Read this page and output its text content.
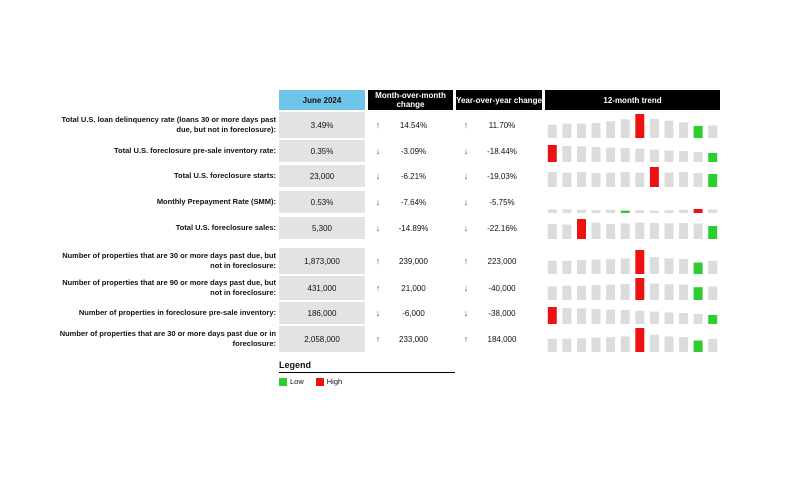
June 2024	Month-over-month change	Year-over-year change	12-month trend
Total U.S. loan delinquency rate (loans 30 or more days past due, but not in foreclosure):	3.49%	↑	14.54%	↑	11.70%
Total U.S. foreclosure pre-sale inventory rate:	0.35%	↓	-3.09%	↓	-18.44%
Total U.S. foreclosure starts:	23,000	↓	-6.21%	↓	-19.03%
Monthly Prepayment Rate (SMM):	0.53%	↓	-7.64%	↓	-5.75%
Total U.S. foreclosure sales:	5,300	↓	-14.89%	↓	-22.16%
Number of properties that are 30 or more days past due, but not in foreclosure:	1,873,000	↑	239,000	↑	223,000
Number of properties that are 90 or more days past due, but not in foreclosure:	431,000	↑	21,000	↓	-40,000
Number of properties in foreclosure pre-sale inventory:	186,000	↓	-6,000	↓	-38,000
Number of properties that are 30 or more days past due or in foreclosure:	2,058,000	↑	233,000	↑	184,000
Legend
Low	High
